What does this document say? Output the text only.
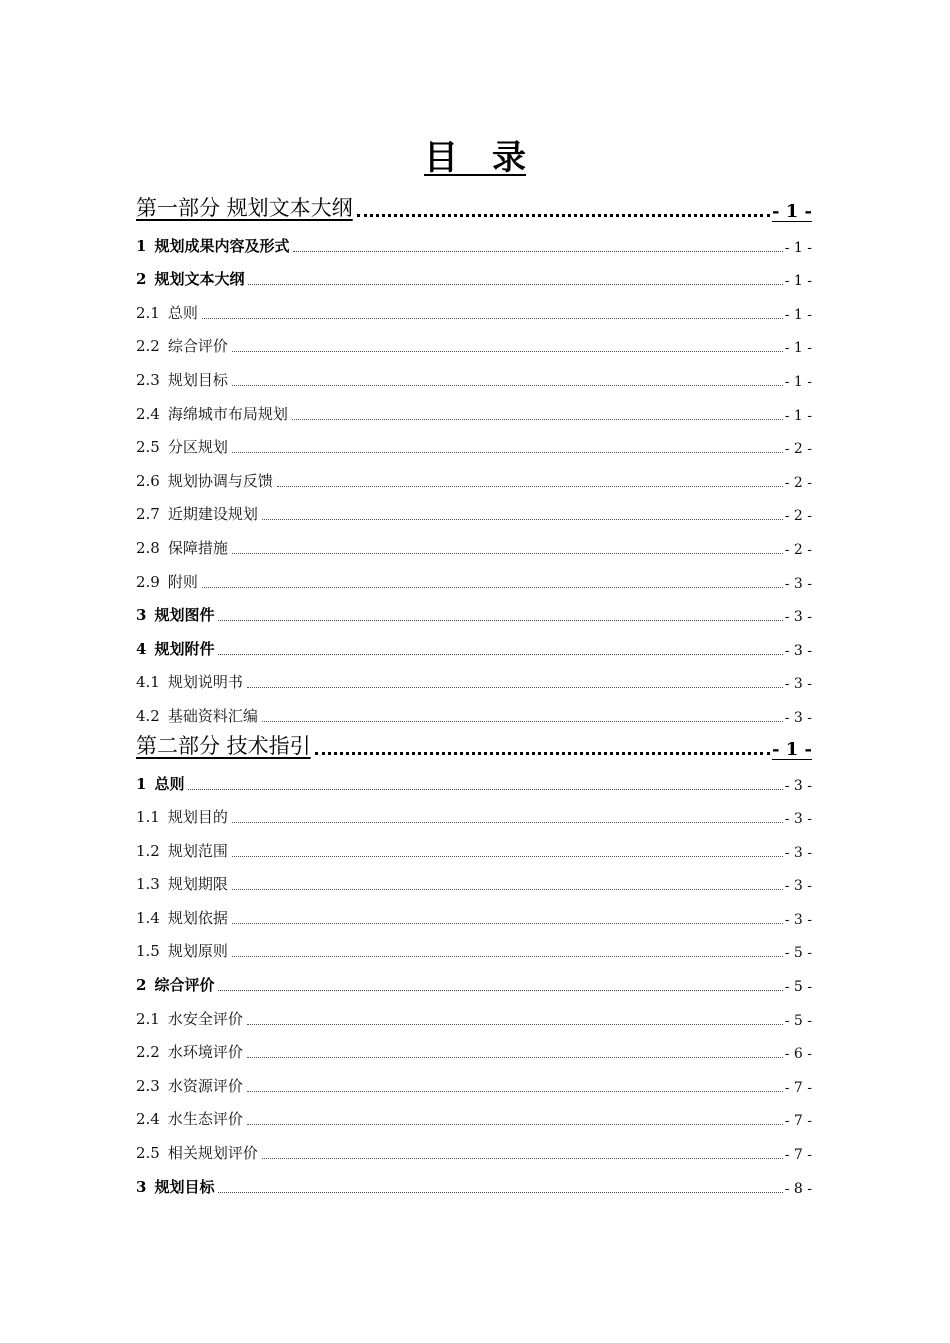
目　录
第一部分 规划文本大纲	- 1 -
1 规划成果内容及形式	- 1 -
2 规划文本大纲	- 1 -
2.1 总则	- 1 -
2.2 综合评价	- 1 -
2.3 规划目标	- 1 -
2.4 海绵城市布局规划	- 1 -
2.5 分区规划	- 2 -
2.6 规划协调与反馈	- 2 -
2.7 近期建设规划	- 2 -
2.8 保障措施	- 2 -
2.9 附则	- 3 -
3 规划图件	- 3 -
4 规划附件	- 3 -
4.1 规划说明书	- 3 -
4.2 基础资料汇编	- 3 -
第二部分 技术指引	- 1 -
1 总则	- 3 -
1.1 规划目的	- 3 -
1.2 规划范围	- 3 -
1.3 规划期限	- 3 -
1.4 规划依据	- 3 -
1.5 规划原则	- 5 -
2 综合评价	- 5 -
2.1 水安全评价	- 5 -
2.2 水环境评价	- 6 -
2.3 水资源评价	- 7 -
2.4 水生态评价	- 7 -
2.5 相关规划评价	- 7 -
3 规划目标	- 8 -
